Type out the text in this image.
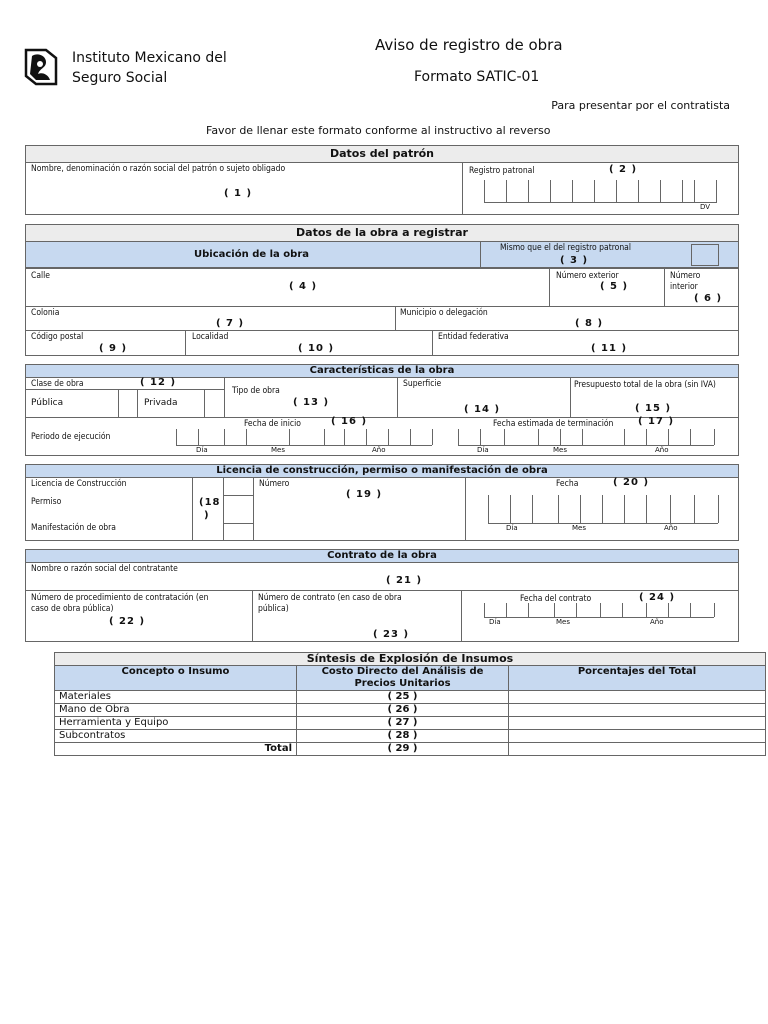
Instituto Mexicano del
Seguro Social
Aviso de registro de obra
Formato SATIC-01
Para presentar por el contratista
Favor de llenar este formato conforme al instructivo al reverso
Datos del patrón
Nombre, denominación o razón social del patrón o sujeto obligado
( 1 )
Registro patronal	( 2 )
DV
Datos de la obra a registrar
Ubicación de la obra
Mismo que el del registro patronal
( 3 )
Calle
( 4 )
Número exterior
( 5 )
Número
interior
( 6 )
Colonia
( 7 )
Municipio o delegación
( 8 )
Código postal
( 9 )
Localidad
( 10 )
Entidad federativa
( 11 )
Características de la obra
Clase de obra	( 12 )
Pública	Privada
Tipo de obra
( 13 )
Superficie
( 14 )
Presupuesto total de la obra (sin IVA)
( 15 )
Periodo de ejecución
Fecha de inicio	( 16 )
Día	Mes	Año
Fecha estimada de terminación ( 17 )
Día	Mes	Año
Licencia de construcción, permiso o manifestación de obra
Licencia de Construcción
Permiso
Manifestación de obra
(18
)
Número
( 19 )
Fecha	( 20 )
Día	Mes	Año
Contrato de la obra
Nombre o razón social del contratante
( 21 )
Número de procedimiento de contratación (en
caso de obra pública)
( 22 )
Número de contrato (en caso de obra
pública)
( 23 )
Fecha del contrato	( 24 )
Día	Mes	Año
Síntesis de Explosión de Insumos		
Concepto o Insumo	Costo Directo del Análisis de
Precios Unitarios	Porcentajes del Total
Materiales	( 25 )	
Mano de Obra	( 26 )	
Herramienta y Equipo	( 27 )	
Subcontratos	( 28 )	
Total	( 29 )	
